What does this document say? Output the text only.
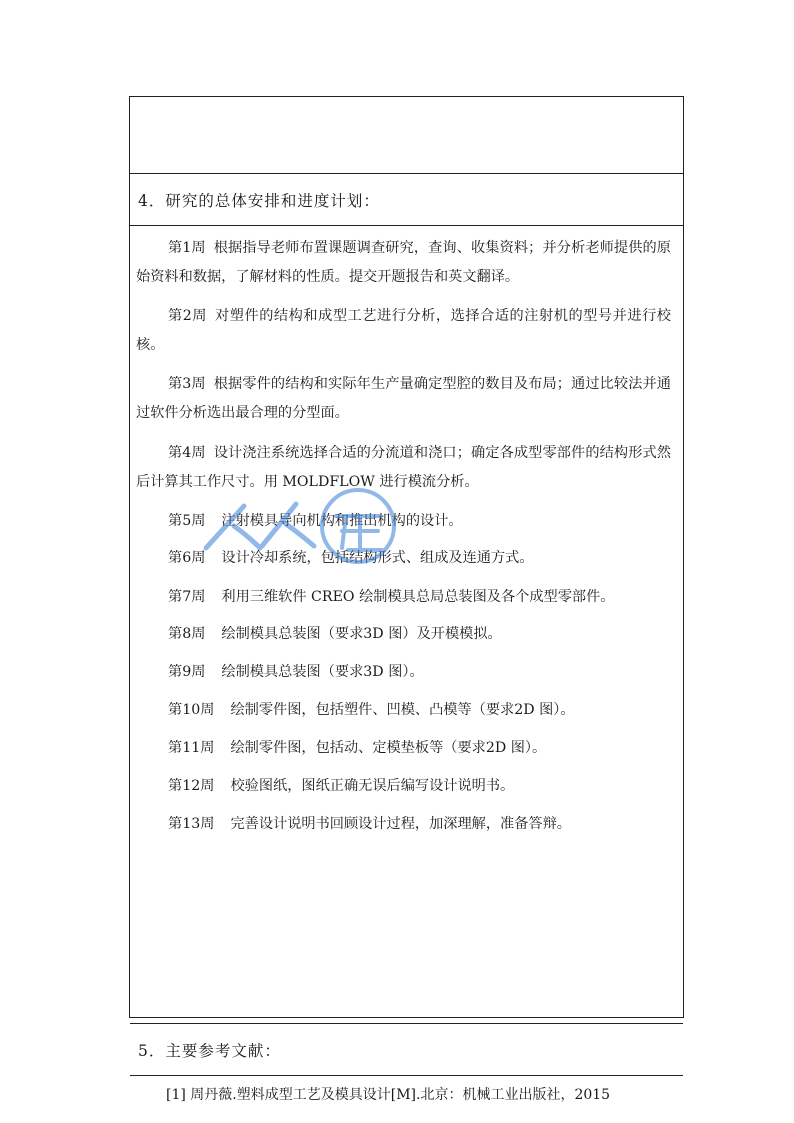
4．研究的总体安排和进度计划：
第1周 根据指导老师布置课题调查研究，查询、收集资料；并分析老师提供的原始资料和数据，了解材料的性质。提交开题报告和英文翻译。
第2周 对塑件的结构和成型工艺进行分析，选择合适的注射机的型号并进行校核。
第3周 根据零件的结构和实际年生产量确定型腔的数目及布局；通过比较法并通过软件分析选出最合理的分型面。
第4周 设计浇注系统选择合适的分流道和浇口；确定各成型零部件的结构形式然后计算其工作尺寸。用 MOLDFLOW 进行模流分析。
第5周 注射模具导向机构和推出机构的设计。
第6周 设计冷却系统，包括结构形式、组成及连通方式。
第7周 利用三维软件 CREO 绘制模具总局总装图及各个成型零部件。
第8周 绘制模具总装图（要求3D 图）及开模模拟。
第9周 绘制模具总装图（要求3D 图）。
第10周 绘制零件图，包括塑件、凹模、凸模等（要求2D 图）。
第11周 绘制零件图，包括动、定模垫板等（要求2D 图）。
第12周 校验图纸，图纸正确无误后编写设计说明书。
第13周 完善设计说明书回顾设计过程，加深理解，准备答辩。
5．主要参考文献：
[1] 周丹薇.塑料成型工艺及模具设计[M].北京：机械工业出版社，2015
